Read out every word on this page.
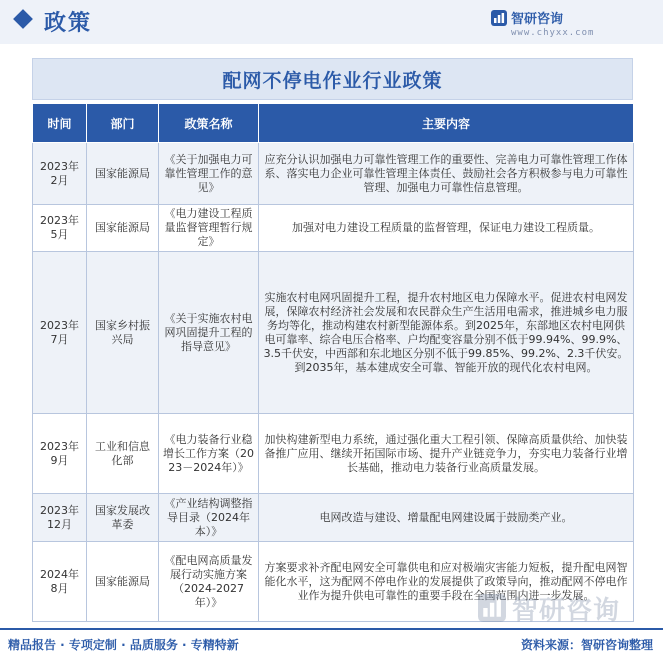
政策	智研咨询
www.chyxx.com
配网不停电作业行业政策
时间	部门	政策名称	主要内容
2023年2月	国家能源局	《关于加强电力可靠性管理工作的意见》	应充分认识加强电力可靠性管理工作的重要性、完善电力可靠性管理工作体系、落实电力企业可靠性管理主体责任、鼓励社会各方积极参与电力可靠性管理、加强电力可靠性信息管理。
2023年5月	国家能源局	《电力建设工程质量监督管理暂行规定》	加强对电力建设工程质量的监督管理，保证电力建设工程质量。
2023年7月	国家乡村振兴局	《关于实施农村电网巩固提升工程的指导意见》	实施农村电网巩固提升工程，提升农村地区电力保障水平。促进农村电网发展，保障农村经济社会发展和农民群众生产生活用电需求，推进城乡电力服务均等化，推动构建农村新型能源体系。到2025年，东部地区农村电网供电可靠率、综合电压合格率、户均配变容量分别不低于99.94%、99.9%、3.5千伏安，中西部和东北地区分别不低于99.85%、99.2%、2.3千伏安。到2035年，基本建成安全可靠、智能开放的现代化农村电网。
2023年9月	工业和信息化部	《电力装备行业稳增长工作方案（2023－2024年）》	加快构建新型电力系统，通过强化重大工程引领、保障高质量供给、加快装备推广应用、继续开拓国际市场、提升产业链竞争力，夯实电力装备行业增长基础，推动电力装备行业高质量发展。
2023年12月	国家发展改革委	《产业结构调整指导目录（2024年本）》	电网改造与建设、增量配电网建设属于鼓励类产业。
2024年8月	国家能源局	《配电网高质量发展行动实施方案（2024-2027年）》	方案要求补齐配电网安全可靠供电和应对极端灾害能力短板，提升配电网智能化水平，这为配网不停电作业的发展提供了政策导向，推动配网不停电作业作为提升供电可靠性的重要手段在全国范围内进一步发展。
智研咨询
精品报告 · 专项定制 · 品质服务 · 专精特新	资料来源：智研咨询整理
